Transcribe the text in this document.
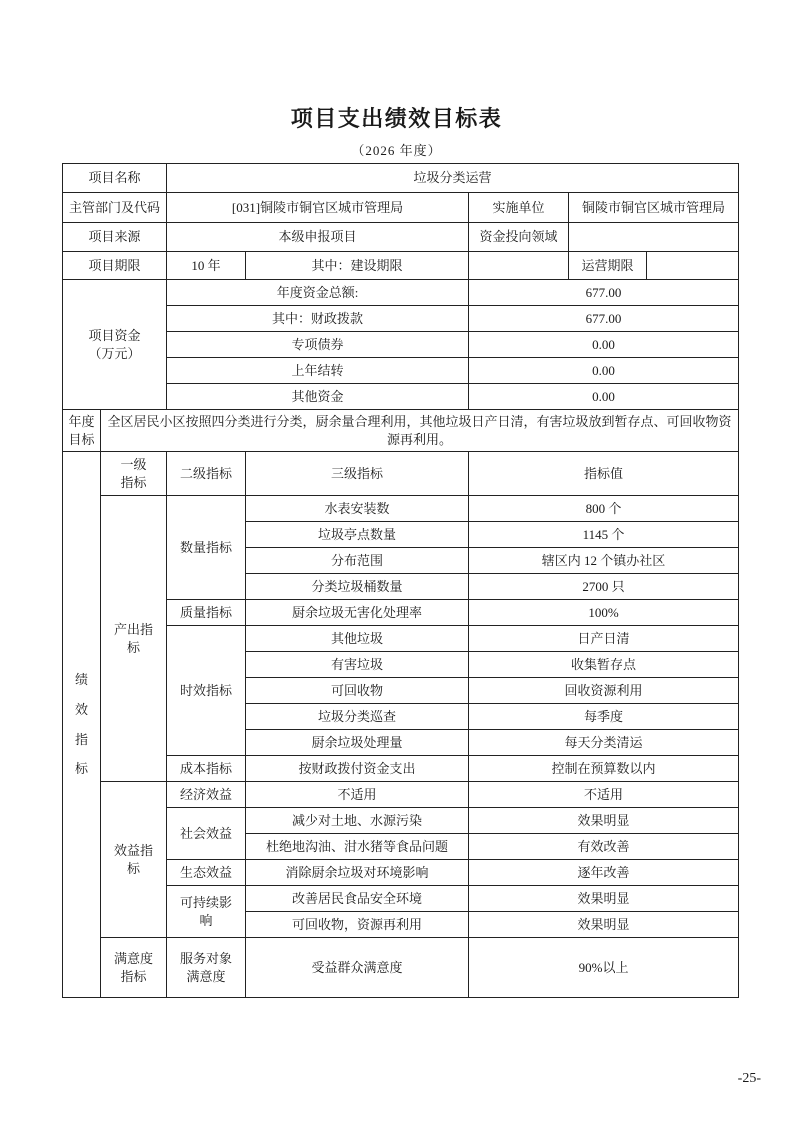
项目支出绩效目标表
（2026 年度）
项目名称		垃圾分类运营				
主管部门及代码		[031]铜陵市铜官区城市管理局		实施单位	铜陵市铜官区城市管理局	
项目来源		本级申报项目		资金投向领域		
项目期限		10 年	其中：建设期限		运营期限	
项目资金（万元）		年度资金总额:		677.00		
		其中：财政拨款		677.00		
		专项债券		0.00		
		上年结转		0.00		
		其他资金		0.00		
年度目标	全区居民小区按照四分类进行分类，厨余量合理利用，其他垃圾日产日清，有害垃圾放到暂存点、可回收物资源再利用。					
绩效指标	一级指标	二级指标	三级指标	指标值		
	产出指标	数量指标	水表安装数	800 个		
			垃圾亭点数量	1145 个		
			分布范围	辖区内 12 个镇办社区		
			分类垃圾桶数量	2700 只		
		质量指标	厨余垃圾无害化处理率	100%		
		时效指标	其他垃圾	日产日清		
			有害垃圾	收集暂存点		
			可回收物	回收资源利用		
			垃圾分类巡查	每季度		
			厨余垃圾处理量	每天分类清运		
		成本指标	按财政拨付资金支出	控制在预算数以内		
	效益指标	经济效益	不适用	不适用		
		社会效益	减少对土地、水源污染	效果明显		
			杜绝地沟油、泔水猪等食品问题	有效改善		
		生态效益	消除厨余垃圾对环境影响	逐年改善		
		可持续影响	改善居民食品安全环境	效果明显		
			可回收物，资源再利用	效果明显		
	满意度指标	服务对象满意度	受益群众满意度	90%以上		
-25-
